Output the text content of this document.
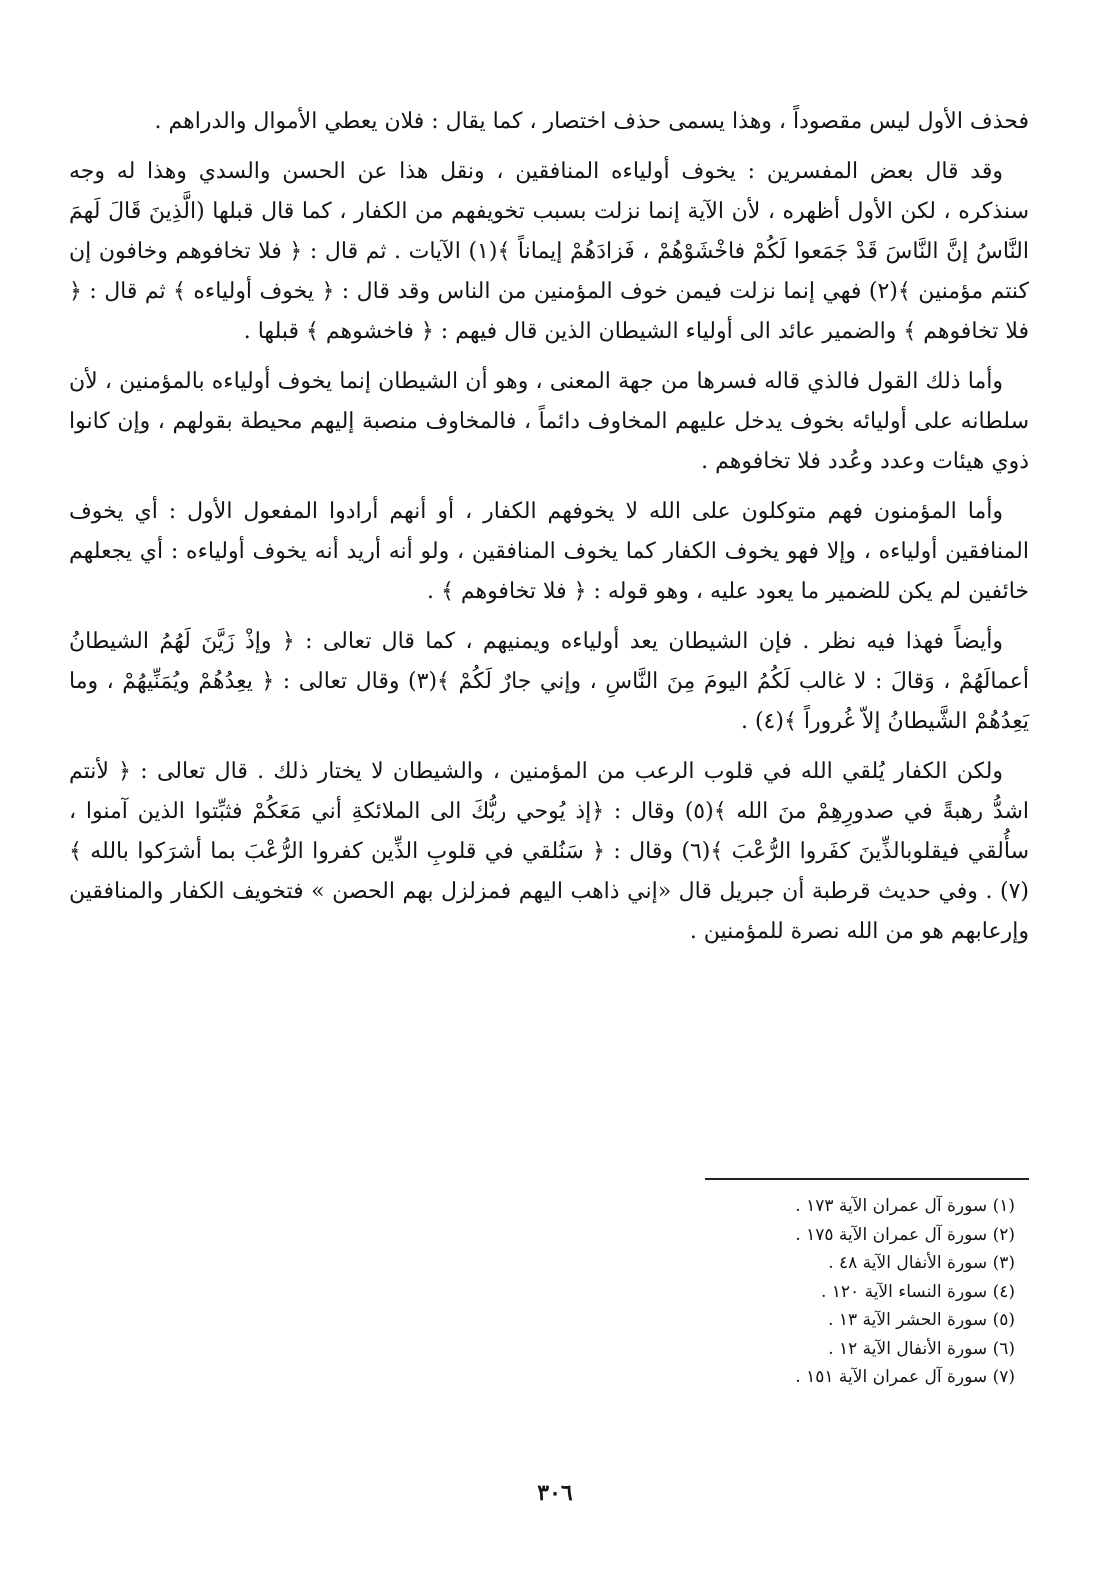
فحذف الأول ليس مقصوداً ، وهذا يسمى حذف اختصار ، كما يقال : فلان يعطي الأموال والدراهم .

وقد قال بعض المفسرين : يخوف أولياءه المنافقين ، ونقل هذا عن الحسن والسدي وهذا له وجه سنذكره ، لكن الأول أظهره ، لأن الآية إنما نزلت بسبب تخويفهم من الكفار ، كما قال قبلها (الَّذِينَ قَالَ لَهمَ النَّاسُ إنَّ النَّاسَ قَدْ جَمَعوا لَكُمْ فاخْشَوْهُمْ ، فَزادَهُمْ إيماناً ﴾(١) الآيات . ثم قال : ﴿ فلا تخافوهم وخافون إن كنتم مؤمنين ﴾(٢) فهي إنما نزلت فيمن خوف المؤمنين من الناس وقد قال : ﴿ يخوف أولياءه ﴾ ثم قال : ﴿ فلا تخافوهم ﴾ والضمير عائد الى أولياء الشيطان الذين قال فيهم : ﴿ فاخشوهم ﴾ قبلها .

وأما ذلك القول فالذي قاله فسرها من جهة المعنى ، وهو أن الشيطان إنما يخوف أولياءه بالمؤمنين ، لأن سلطانه على أوليائه بخوف يدخل عليهم المخاوف دائماً ، فالمخاوف منصبة إليهم محيطة بقولهم ، وإن كانوا ذوي هيئات وعدد وعُدد فلا تخافوهم .

وأما المؤمنون فهم متوكلون على الله لا يخوفهم الكفار ، أو أنهم أرادوا المفعول الأول : أي يخوف المنافقين أولياءه ، وإلا فهو يخوف الكفار كما يخوف المنافقين ، ولو أنه أريد أنه يخوف أولياءه : أي يجعلهم خائفين لم يكن للضمير ما يعود عليه ، وهو قوله : ﴿ فلا تخافوهم ﴾ .

وأيضاً فهذا فيه نظر . فإن الشيطان يعد أولياءه ويمنيهم ، كما قال تعالى : ﴿ وإذْ زَيَّنَ لَهُمُ الشيطانُ أعمالَهُمْ ، وَقالَ : لا غالب لَكُمُ اليومَ مِنَ النَّاسِ ، وإني جارٌ لَكُمْ ﴾(٣) وقال تعالى : ﴿ يعِدُهُمْ ويُمَنِّيهُمْ ، وما يَعِدُهُمْ الشَّيطانُ إلاّ غُروراً ﴾(٤) .

ولكن الكفار يُلقي الله في قلوب الرعب من المؤمنين ، والشيطان لا يختار ذلك . قال تعالى : ﴿ لأنتم اشدُّ رهبةً في صدورِهِمْ منَ الله ﴾(٥) وقال : ﴿إذ يُوحي ربُّكَ الى الملائكةِ أني مَعَكُمْ فثبِّتوا الذين آمنوا ، سأُلقي فيقلوبالذِّينَ كفَروا الرُّعْبَ ﴾(٦) وقال : ﴿ سَنُلقي في قلوبِ الذِّين كفروا الرُّعْبَ بما أشرَكوا بالله ﴾(٧) . وفي حديث قرطبة أن جبريل قال «إني ذاهب اليهم فمزلزل بهم الحصن » فتخويف الكفار والمنافقين وإرعابهم هو من الله نصرة للمؤمنين .

(١) سورة آل عمران الآية ١٧٣ .
(٢) سورة آل عمران الآية ١٧٥ .
(٣) سورة الأنفال الآية ٤٨ .
(٤) سورة النساء الآية ١٢٠ .
(٥) سورة الحشر الآية ١٣ .
(٦) سورة الأنفال الآية ١٢ .
(٧) سورة آل عمران الآية ١٥١ .
٣٠٦
